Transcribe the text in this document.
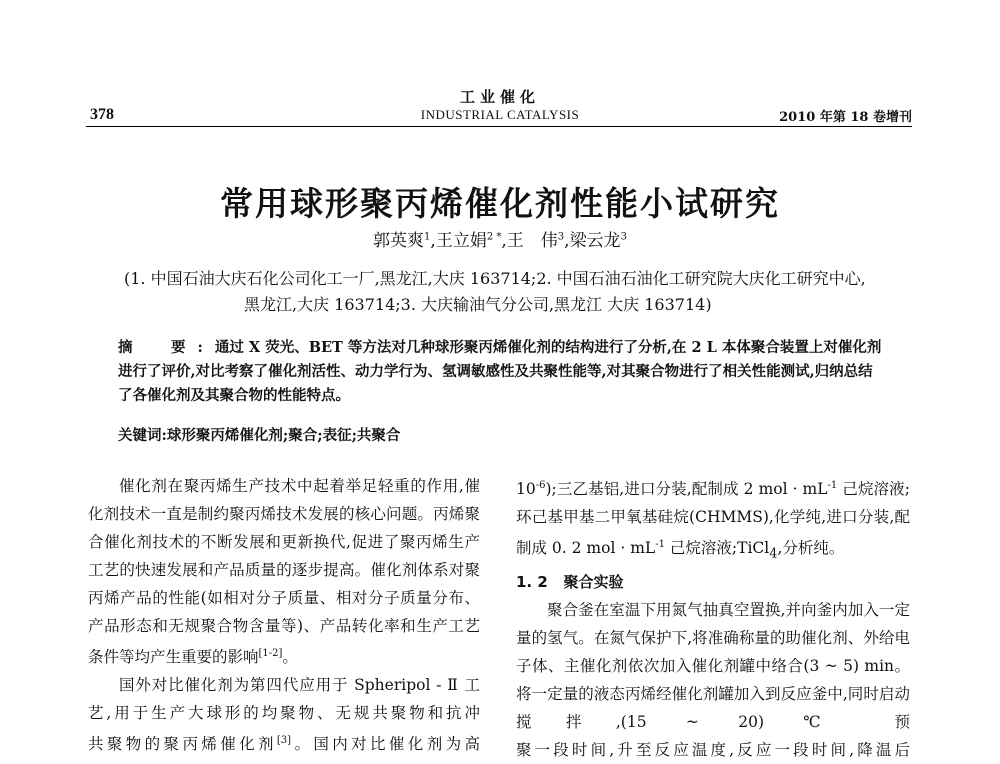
工业催化
378	INDUSTRIAL CATALYSIS	2010 年第 18 卷增刊
常用球形聚丙烯催化剂性能小试研究
郭英爽$^1$,王立娟$^{2 *}$,王　伟$^3$,梁云龙$^3$
(1. 中国石油大庆石化公司化工一厂,黑龙江,大庆 163714;2. 中国石油石油化工研究院大庆化工研究中心,
黑龙江,大庆 163714;3. 大庆输油气分公司,黑龙江 大庆 163714)
摘　要:通过 X 荧光、BET 等方法对几种球形聚丙烯催化剂的结构进行了分析,在 2 L 本体聚合装置上对催化剂进行了评价,对比考察了催化剂活性、动力学行为、氢调敏感性及共聚性能等,对其聚合物进行了相关性能测试,归纳总结了各催化剂及其聚合物的性能特点。
关键词:球形聚丙烯催化剂;聚合;表征;共聚合

催化剂在聚丙烯生产技术中起着举足轻重的作用,催化剂技术一直是制约聚丙烯技术发展的核心问题。丙烯聚合催化剂技术的不断发展和更新换代,促进了聚丙烯生产工艺的快速发展和产品质量的逐步提高。催化剂体系对聚丙烯产品的性能(如相对分子质量、相对分子质量分布、产品形态和无规聚合物含量等)、产品转化率和生产工艺条件等均产生重要的影响[1-2]。

国外对比催化剂为第四代应用于 Spheripol - Ⅱ 工艺,用于生产大球形的均聚物、无规共聚物和抗冲

共聚物的聚丙烯催化剂[3]。国内对比催化剂为高

$10^{-6}$);三乙基铝,进口分装,配制成 2 mol · $mL^{-1}$ 己烷溶液;环己基甲基二甲氧基硅烷(CHMMS),化学纯,进口分装,配制成 0. 2 mol · $mL^{-1}$ 己烷溶液;TiCl$_4$,分析纯。

1. 2 聚合实验

聚合釜在室温下用氮气抽真空置换,并向釜内加入一定量的氢气。在氮气保护下,将准确称量的助催化剂、外给电子体、主催化剂依次加入催化剂罐中络合(3 ~ 5) min。将一定量的液态丙烯经催化剂罐加入到反应釜中,同时启动搅拌,(15 ~ 20) ℃ 预

聚一段时间,升至反应温度,反应一段时间,降温后
